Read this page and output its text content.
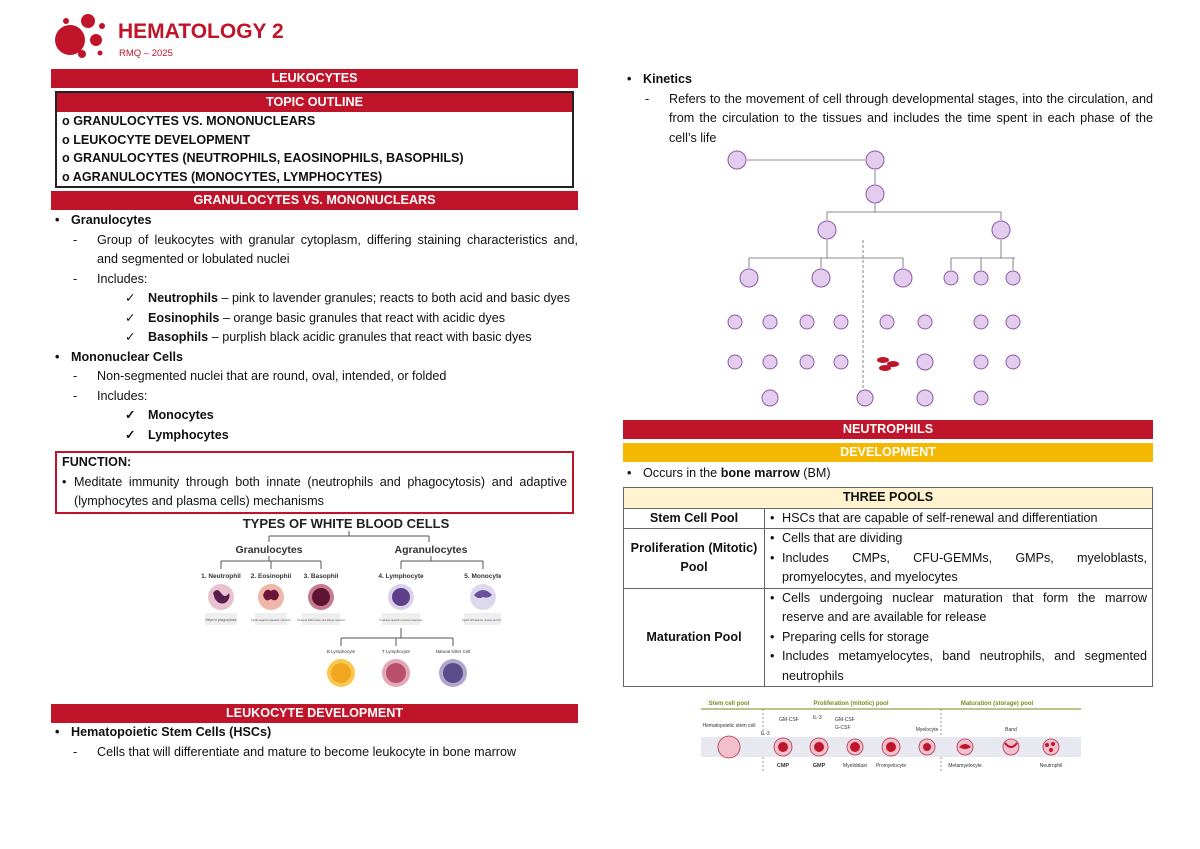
HEMATOLOGY 2
RMQ – 2025
LEUKOCYTES
TOPIC OUTLINE
o GRANULOCYTES VS. MONONUCLEARS
o LEUKOCYTE DEVELOPMENT
o GRANULOCYTES (NEUTROPHILS, EAOSINOPHILS, BASOPHILS)
o AGRANULOCYTES (MONOCYTES, LYMPHOCYTES)
GRANULOCYTES VS. MONONUCLEARS
• Granulocytes
- Group of leukocytes with granular cytoplasm, differing staining characteristics and, and segmented or lobulated nuclei
- Includes:
✓ Neutrophils – pink to lavender granules; reacts to both acid and basic dyes
✓ Eosinophils – orange basic granules that react with acidic dyes
✓ Basophils – purplish black acidic granules that react with basic dyes
• Mononuclear Cells
- Non-segmented nuclei that are round, oval, intended, or folded
- Includes:
✓ Monocytes
✓ Lymphocytes
FUNCTION:
• Meditate immunity through both innate (neutrophils and phagocytosis) and adaptive (lymphocytes and plasma cells) mechanisms
TYPES OF WHITE BLOOD CELLS
Granulocytes	Agranulocytes
1. Neutrophil 2. Eosinophil 3. Basophil	4. Lymphocyte	5. Monocyte
Helps in phagocytosis	Fights against parasitic infection	Produces inflammatory and allergic reactions	Produces specific immune responses	Fights off bacteria, viruses and fungi
B Lymphocyte	T Lymphocyte	Natural Killer Cell
LEUKOCYTE DEVELOPMENT
• Hematopoietic Stem Cells (HSCs)
- Cells that will differentiate and mature to become leukocyte in bone marrow
• Kinetics
- Refers to the movement of cell through developmental stages, into the circulation, and from the circulation to the tissues and includes the time spent in each phase of the cell’s life
NEUTROPHILS
DEVELOPMENT
• Occurs in the bone marrow (BM)
THREE POOLS	
Stem Cell Pool	• HSCs that are capable of self-renewal and differentiation

Proliferation (Mitotic) Pool	• Cells that are dividing
• Includes CMPs, CFU-GEMMs, GMPs, myeloblasts, promyelocytes, and myelocytes

Maturation Pool	• Cells undergoing nuclear maturation that form the marrow reserve and are available for release
• Preparing cells for storage
• Includes metamyelocytes, band neutrophils, and segmented neutrophils
Stem cell pool	Proliferation (mitotic) pool	Maturation (storage) pool
Hematopoietic stem cell
CMP	GMP	Myeloblast Promyelocyte
Myelocyte
Metamyelocyte
Band
Neutrophil
IL-3
GM-CSF	IL-3	GM-CSF
G-CSF
